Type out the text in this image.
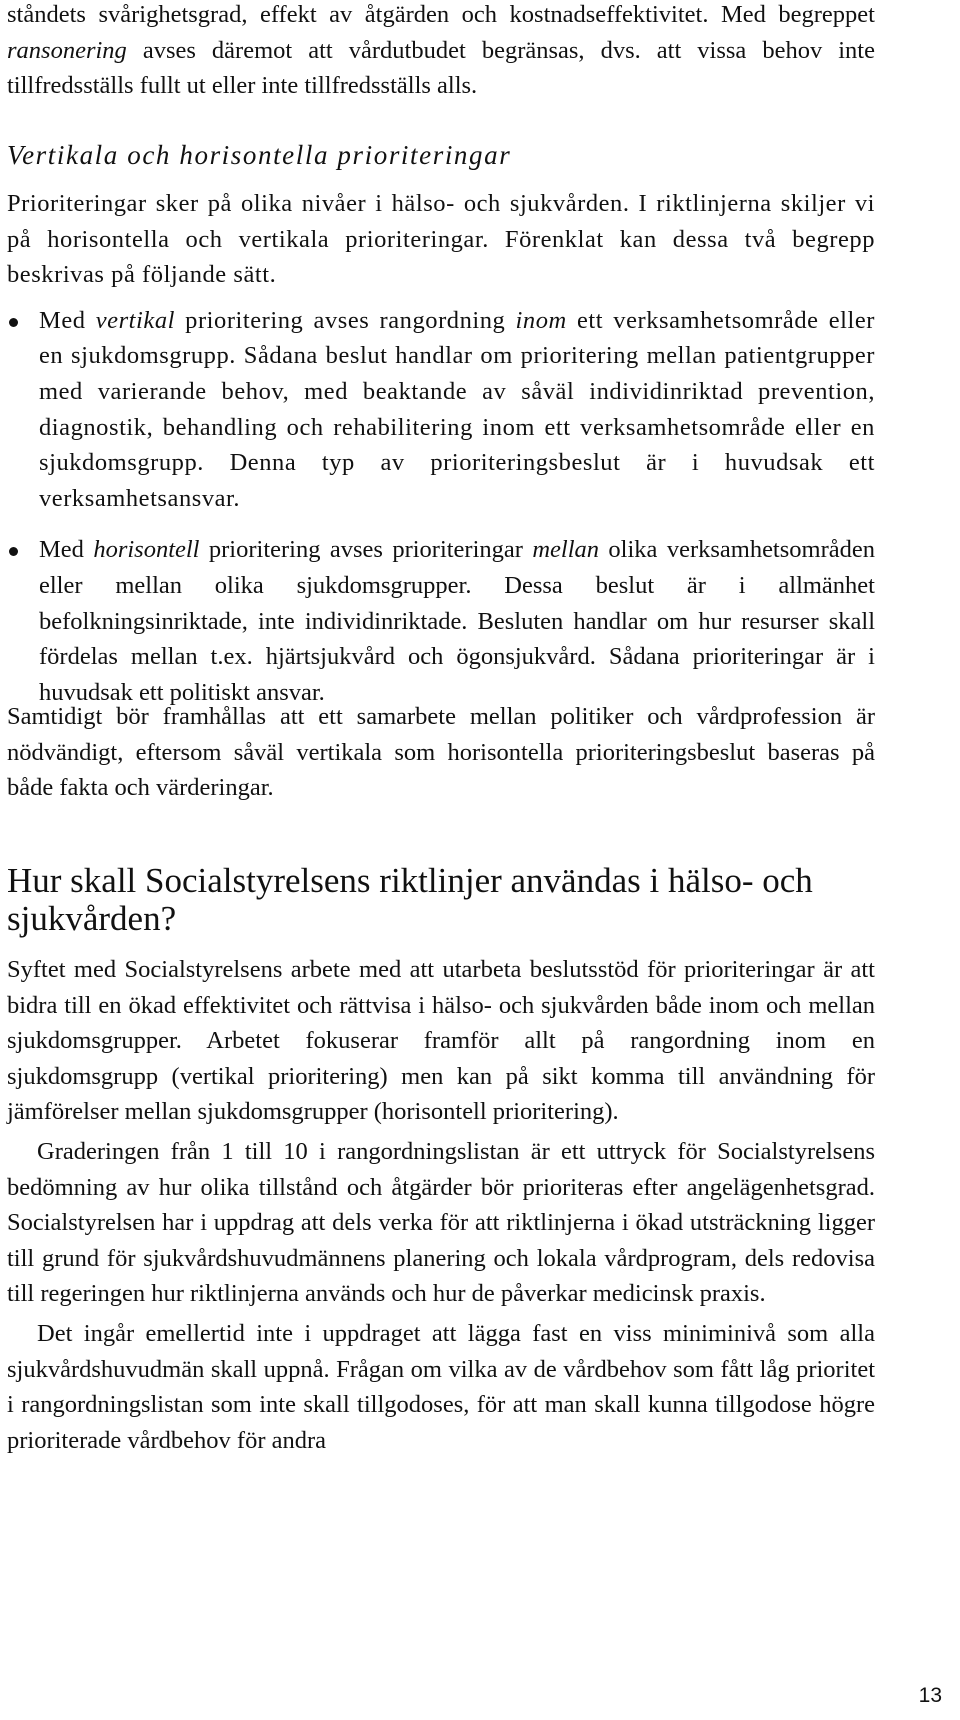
ståndets svårighetsgrad, effekt av åtgärden och kostnadseffektivitet. Med begreppet ransonering avses däremot att vårdutbudet begränsas, dvs. att vissa behov inte tillfredsställs fullt ut eller inte tillfredsställs alls.

Vertikala och horisontella prioriteringar

Prioriteringar sker på olika nivåer i hälso- och sjukvården. I riktlinjerna skiljer vi på horisontella och vertikala prioriteringar. Förenklat kan dessa två begrepp beskrivas på följande sätt.

Med vertikal prioritering avses rangordning inom ett verksamhetsområde eller en sjukdomsgrupp. Sådana beslut handlar om prioritering mellan patientgrupper med varierande behov, med beaktande av såväl individinriktad prevention, diagnostik, behandling och rehabilitering inom ett verksamhetsområde eller en sjukdomsgrupp. Denna typ av prioriteringsbeslut är i huvudsak ett verksamhetsansvar.

Med horisontell prioritering avses prioriteringar mellan olika verksamhetsområden eller mellan olika sjukdomsgrupper. Dessa beslut är i allmänhet befolkningsinriktade, inte individinriktade. Besluten handlar om hur resurser skall fördelas mellan t.ex. hjärtsjukvård och ögonsjukvård. Sådana prioriteringar är i huvudsak ett politiskt ansvar.

Samtidigt bör framhållas att ett samarbete mellan politiker och vårdprofession är nödvändigt, eftersom såväl vertikala som horisontella prioriteringsbeslut baseras på både fakta och värderingar.

Hur skall Socialstyrelsens riktlinjer användas i hälso- och sjukvården?

Syftet med Socialstyrelsens arbete med att utarbeta beslutsstöd för prioriteringar är att bidra till en ökad effektivitet och rättvisa i hälso- och sjukvården både inom och mellan sjukdomsgrupper. Arbetet fokuserar framför allt på rangordning inom en sjukdomsgrupp (vertikal prioritering) men kan på sikt komma till användning för jämförelser mellan sjukdomsgrupper (horisontell prioritering).

Graderingen från 1 till 10 i rangordningslistan är ett uttryck för Socialstyrelsens bedömning av hur olika tillstånd och åtgärder bör prioriteras efter angelägenhetsgrad. Socialstyrelsen har i uppdrag att dels verka för att riktlinjerna i ökad utsträckning ligger till grund för sjukvårdshuvudmännens planering och lokala vårdprogram, dels redovisa till regeringen hur riktlinjerna används och hur de påverkar medicinsk praxis.

Det ingår emellertid inte i uppdraget att lägga fast en viss miniminivå som alla sjukvårdshuvudmän skall uppnå. Frågan om vilka av de vårdbehov som fått låg prioritet i rangordningslistan som inte skall tillgodoses, för att man skall kunna tillgodose högre prioriterade vårdbehov för andra

13
